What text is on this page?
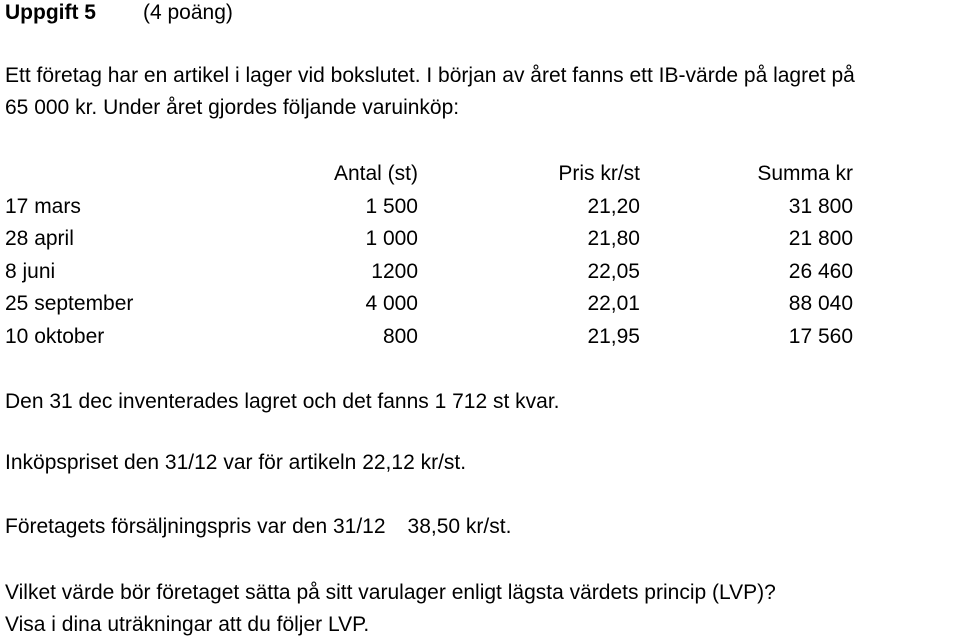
Uppgift 5 (4 poäng)
Ett företag har en artikel i lager vid bokslutet. I början av året fanns ett IB-värde på lagret på
65 000 kr. Under året gjordes följande varuinköp:
	Antal (st)	Pris kr/st	Summa kr
17 mars	1 500	21,20	31 800
28 april	1 000	21,80	21 800
8 juni	1200	22,05	26 460
25 september	4 000	22,01	88 040
10 oktober	800	21,95	17 560
Den 31 dec inventerades lagret och det fanns 1 712 st kvar.
Inköpspriset den 31/12 var för artikeln 22,12 kr/st.
Företagets försäljningspris var den 31/12 38,50 kr/st.
Vilket värde bör företaget sätta på sitt varulager enligt lägsta värdets princip (LVP)?
Visa i dina uträkningar att du följer LVP.
